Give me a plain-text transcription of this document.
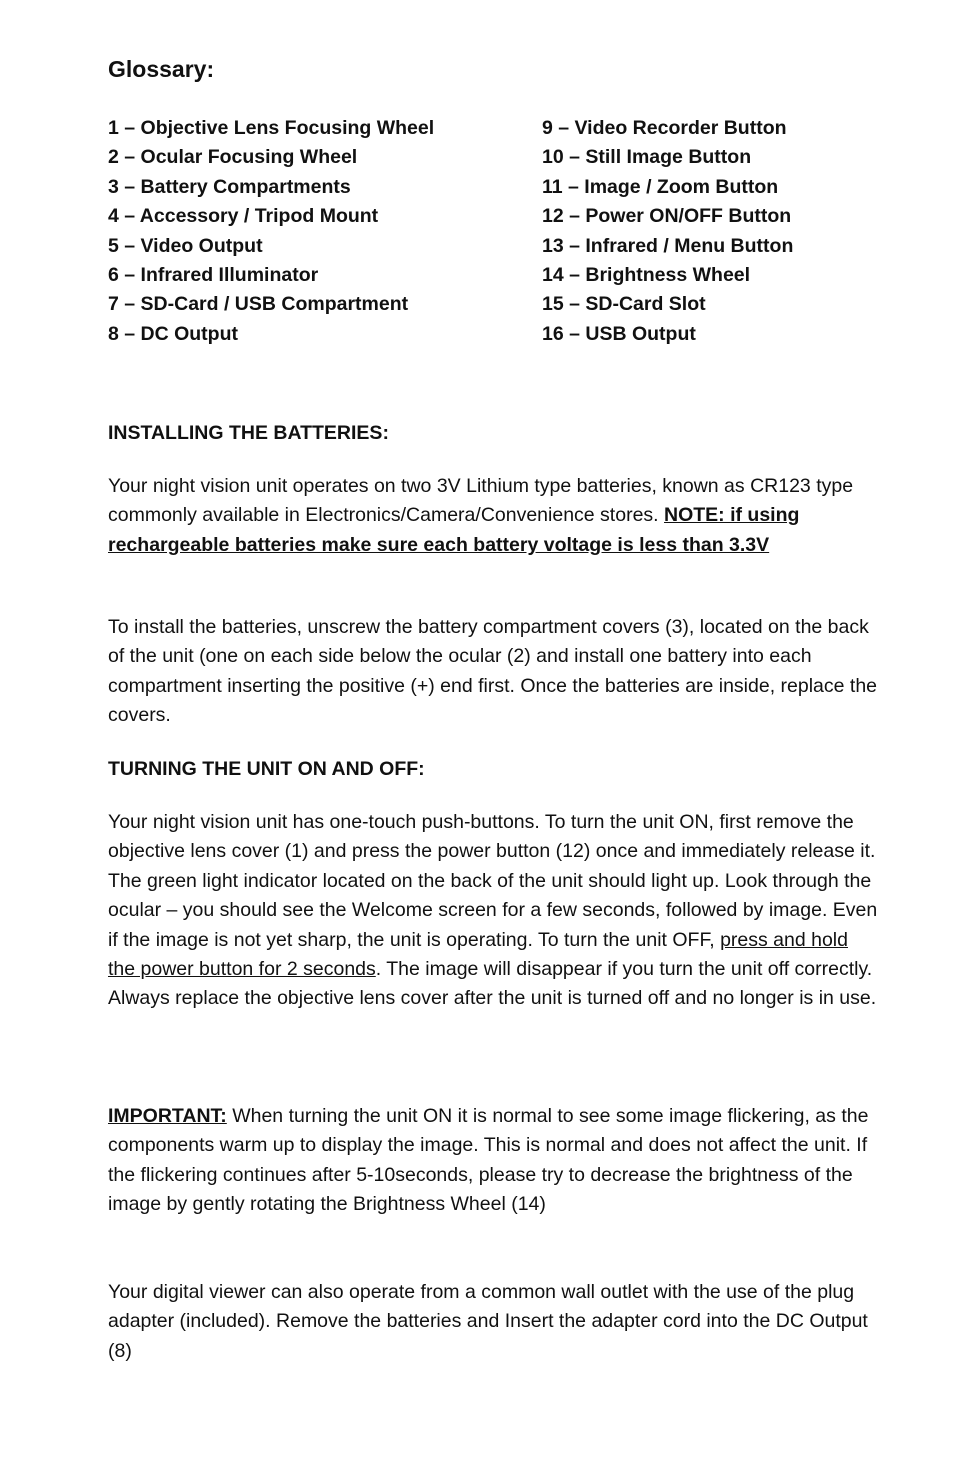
Glossary:
1 – Objective Lens Focusing Wheel
2 – Ocular Focusing Wheel
3 – Battery Compartments
4 – Accessory / Tripod Mount
5 – Video Output
6 – Infrared Illuminator
7 – SD-Card / USB Compartment
8 – DC Output
9 – Video Recorder Button
10 – Still Image Button
11 – Image / Zoom Button
12 – Power ON/OFF Button
13 – Infrared / Menu Button
14 – Brightness Wheel
15 – SD-Card Slot
16 – USB Output

INSTALLING THE BATTERIES:

Your night vision unit operates on two 3V Lithium type batteries, known as CR123 type commonly available in Electronics/Camera/Convenience stores. NOTE: if using rechargeable batteries make sure each battery voltage is less than 3.3V

To install the batteries, unscrew the battery compartment covers (3), located on the back of the unit (one on each side below the ocular (2) and install one battery into each compartment inserting the positive (+) end first. Once the batteries are inside, replace the covers.

TURNING THE UNIT ON AND OFF:

Your night vision unit has one-touch push-buttons. To turn the unit ON, first remove the objective lens cover (1) and press the power button (12) once and immediately release it. The green light indicator located on the back of the unit should light up. Look through the ocular – you should see the Welcome screen for a few seconds, followed by image. Even if the image is not yet sharp, the unit is operating. To turn the unit OFF, press and hold the power button for 2 seconds. The image will disappear if you turn the unit off correctly. Always replace the objective lens cover after the unit is turned off and no longer is in use.

IMPORTANT: When turning the unit ON it is normal to see some image flickering, as the components warm up to display the image. This is normal and does not affect the unit. If the flickering continues after 5-10seconds, please try to decrease the brightness of the image by gently rotating the Brightness Wheel (14)

Your digital viewer can also operate from a common wall outlet with the use of the plug adapter (included). Remove the batteries and Insert the adapter cord into the DC Output (8)
